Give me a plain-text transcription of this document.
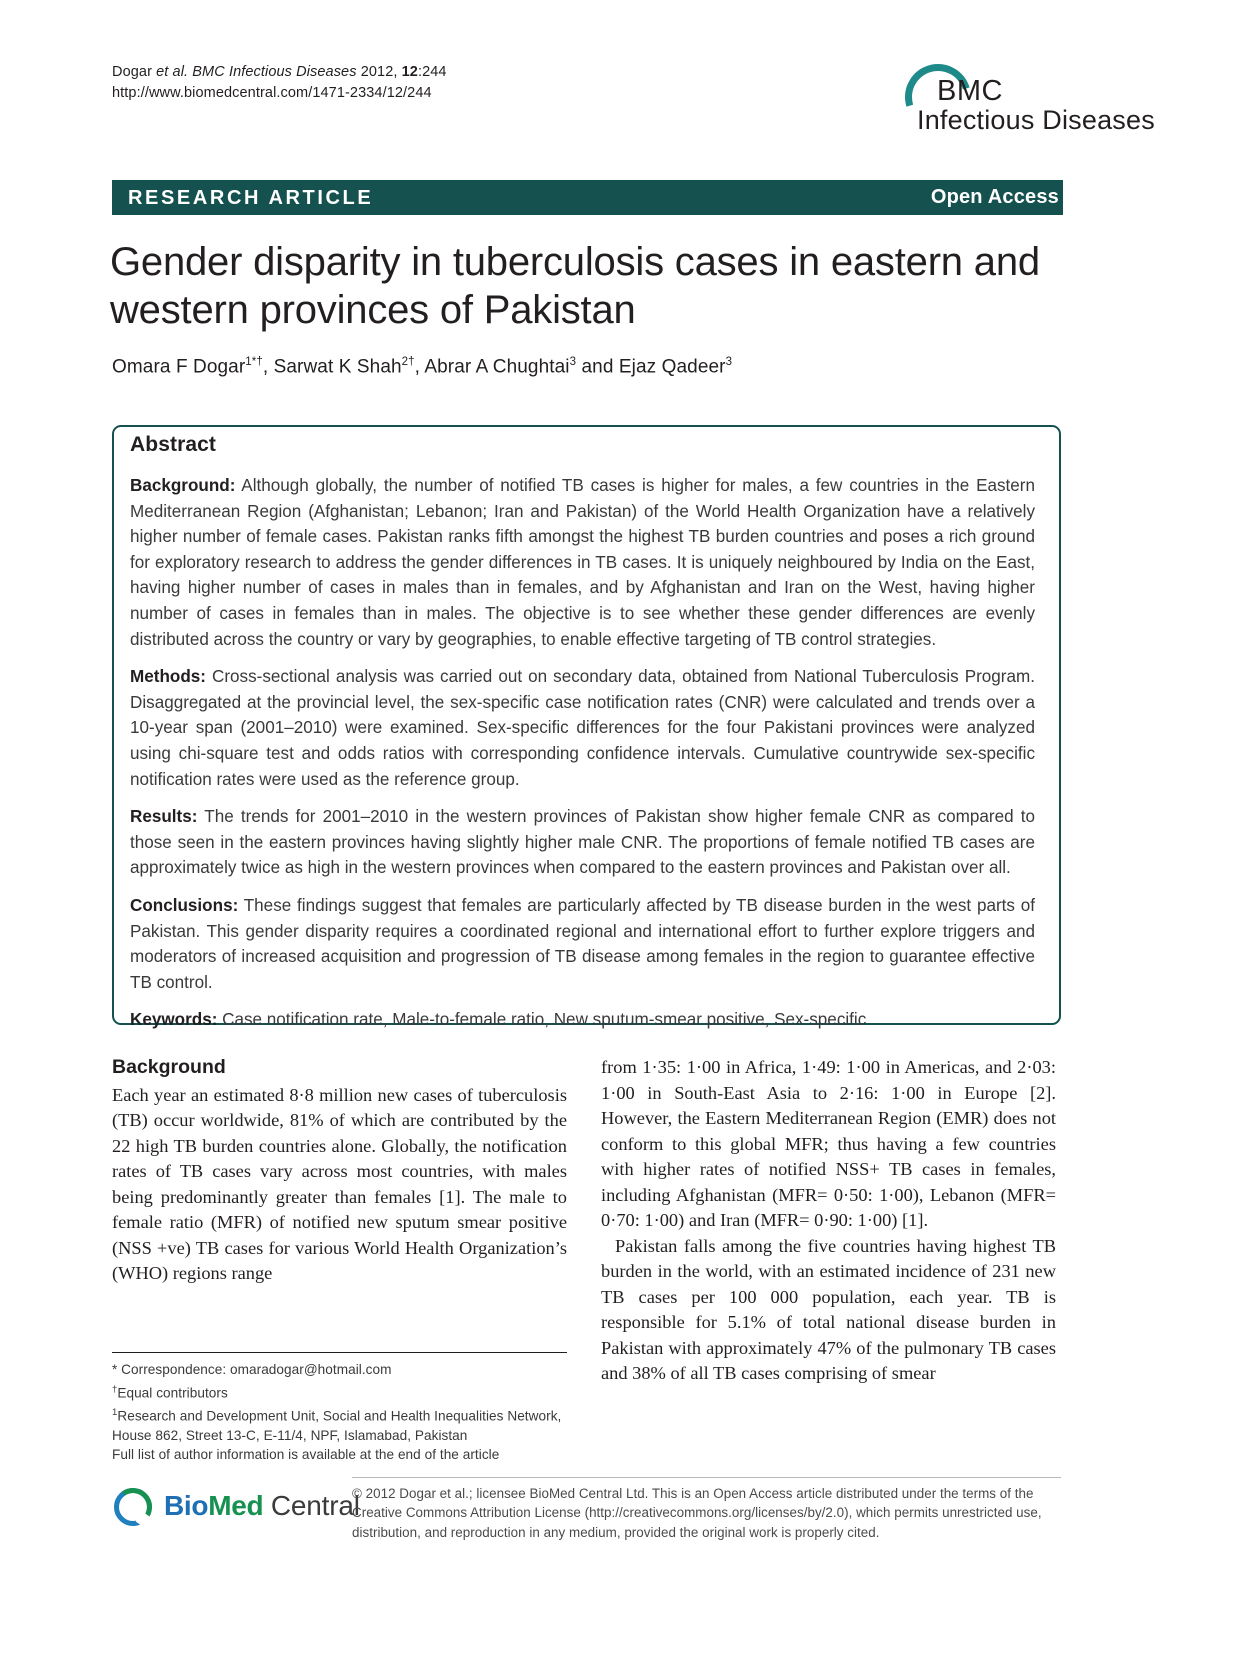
Dogar et al. BMC Infectious Diseases 2012, 12:244
http://www.biomedcentral.com/1471-2334/12/244	BMC
Infectious Diseases
RESEARCH ARTICLE	Open Access
Gender disparity in tuberculosis cases in eastern and western provinces of Pakistan
Omara F Dogar$^{1*\dagger}$, Sarwat K Shah$^{2\dagger}$, Abrar A Chughtai$^3$ and Ejaz Qadeer$^3$
Abstract
Background: Although globally, the number of notified TB cases is higher for males, a few countries in the Eastern Mediterranean Region (Afghanistan; Lebanon; Iran and Pakistan) of the World Health Organization have a relatively higher number of female cases. Pakistan ranks fifth amongst the highest TB burden countries and poses a rich ground for exploratory research to address the gender differences in TB cases. It is uniquely neighboured by India on the East, having higher number of cases in males than in females, and by Afghanistan and Iran on the West, having higher number of cases in females than in males. The objective is to see whether these gender differences are evenly distributed across the country or vary by geographies, to enable effective targeting of TB control strategies.
Methods: Cross-sectional analysis was carried out on secondary data, obtained from National Tuberculosis Program. Disaggregated at the provincial level, the sex-specific case notification rates (CNR) were calculated and trends over a 10-year span (2001–2010) were examined. Sex-specific differences for the four Pakistani provinces were analyzed using chi-square test and odds ratios with corresponding confidence intervals. Cumulative countrywide sex-specific notification rates were used as the reference group.
Results: The trends for 2001–2010 in the western provinces of Pakistan show higher female CNR as compared to those seen in the eastern provinces having slightly higher male CNR. The proportions of female notified TB cases are approximately twice as high in the western provinces when compared to the eastern provinces and Pakistan over all.
Conclusions: These findings suggest that females are particularly affected by TB disease burden in the west parts of Pakistan. This gender disparity requires a coordinated regional and international effort to further explore triggers and moderators of increased acquisition and progression of TB disease among females in the region to guarantee effective TB control.
Keywords: Case notification rate, Male-to-female ratio, New sputum-smear positive, Sex-specific
Background

Each year an estimated 8·8 million new cases of tuberculosis (TB) occur worldwide, 81% of which are contributed by the 22 high TB burden countries alone. Globally, the notification rates of TB cases vary across most countries, with males being predominantly greater than females [1]. The male to female ratio (MFR) of notified new sputum smear positive (NSS +ve) TB cases for various World Health Organization’s (WHO) regions range

from 1·35: 1·00 in Africa, 1·49: 1·00 in Americas, and 2·03: 1·00 in South-East Asia to 2·16: 1·00 in Europe [2]. However, the Eastern Mediterranean Region (EMR) does not conform to this global MFR; thus having a few countries with higher rates of notified NSS+ TB cases in females, including Afghanistan (MFR= 0·50: 1·00), Lebanon (MFR= 0·70: 1·00) and Iran (MFR= 0·90: 1·00) [1].

Pakistan falls among the five countries having highest TB burden in the world, with an estimated incidence of 231 new TB cases per 100 000 population, each year. TB is responsible for 5.1% of total national disease burden in Pakistan with approximately 47% of the pulmonary TB cases and 38% of all TB cases comprising of smear

* Correspondence: omaradogar@hotmail.com
†Equal contributors
$^1$Research and Development Unit, Social and Health Inequalities Network,
House 862, Street 13-C, E-11/4, NPF, Islamabad, Pakistan
Full list of author information is available at the end of the article
BioMed Central
© 2012 Dogar et al.; licensee BioMed Central Ltd. This is an Open Access article distributed under the terms of the Creative Commons Attribution License (http://creativecommons.org/licenses/by/2.0), which permits unrestricted use, distribution, and reproduction in any medium, provided the original work is properly cited.
